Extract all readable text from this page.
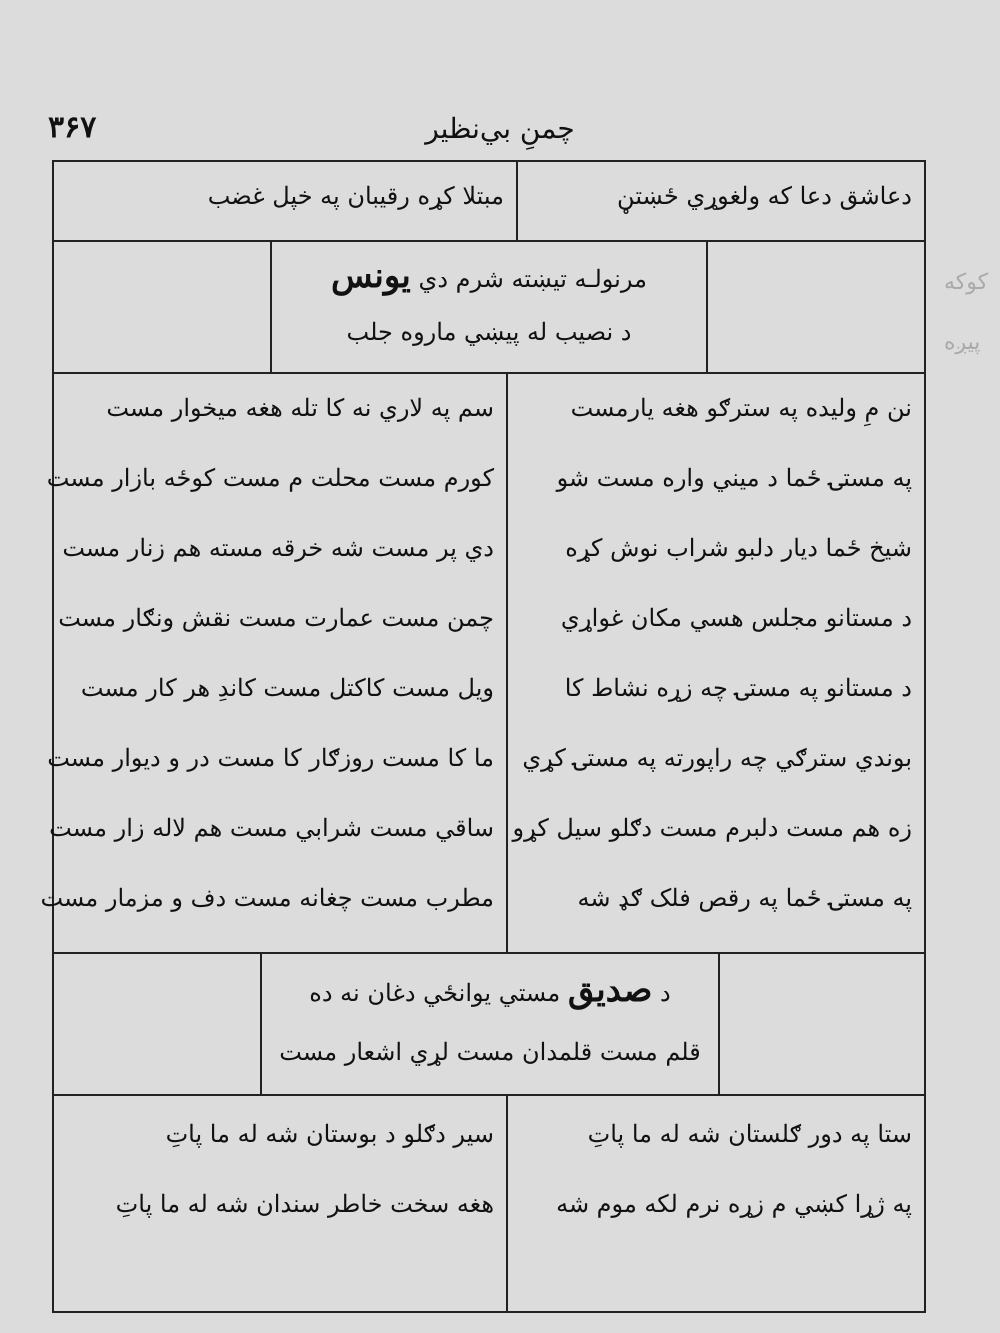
۳۶۷	چمنِ بي‌نظير
کوکه
پيږه
دعاشق دعا که ولغوړي ځښتڼ
مبتلا کړه رقيبان په خپل غضب
مرنولـه تيښته شرم دي يونس
د نصيب له پيښي ماروه جلب
نن مِ وليده په سترګو هغه يارمست
په مستۍ ځما د ميني واره مست شو
شيخ ځما ديار دلبو شراب نوش کړه
د مستانو مجلس هسي مکان غواړي
د مستانو په مستۍ چه زړه نشاط کا
بوندي سترګي چه راپورته په مستۍ کړي
زه هم مست دلبرم مست دګلو سيل کړو
په مستۍ ځما په رقص فلک ګډ شه
سم په لاري نه کا تله هغه ميخوار مست
کورم مست محلت م مست کوځه بازار مست
دي پر مست شه خرقه مسته هم زنار مست
چمن مست عمارت مست نقش ونګار مست
ويل مست کاکتل مست کاندِ هر کار مست
ما کا مست روزګار کا مست در و ديوار مست
ساقي مست شرابي مست هم لاله زار مست
مطرب مست چغانه مست دف و مزمار مست
د صديق مستي يوانځي دغان نه ده
قلم مست قلمدان مست لړي اشعار مست
ستا په دور ګلستان شه له ما پاتِ
په ژړا کښي م زړه نرم لکه موم شه
سير دګلو د بوستان شه له ما پاتِ
هغه سخت خاطر سندان شه له ما پاتِ
